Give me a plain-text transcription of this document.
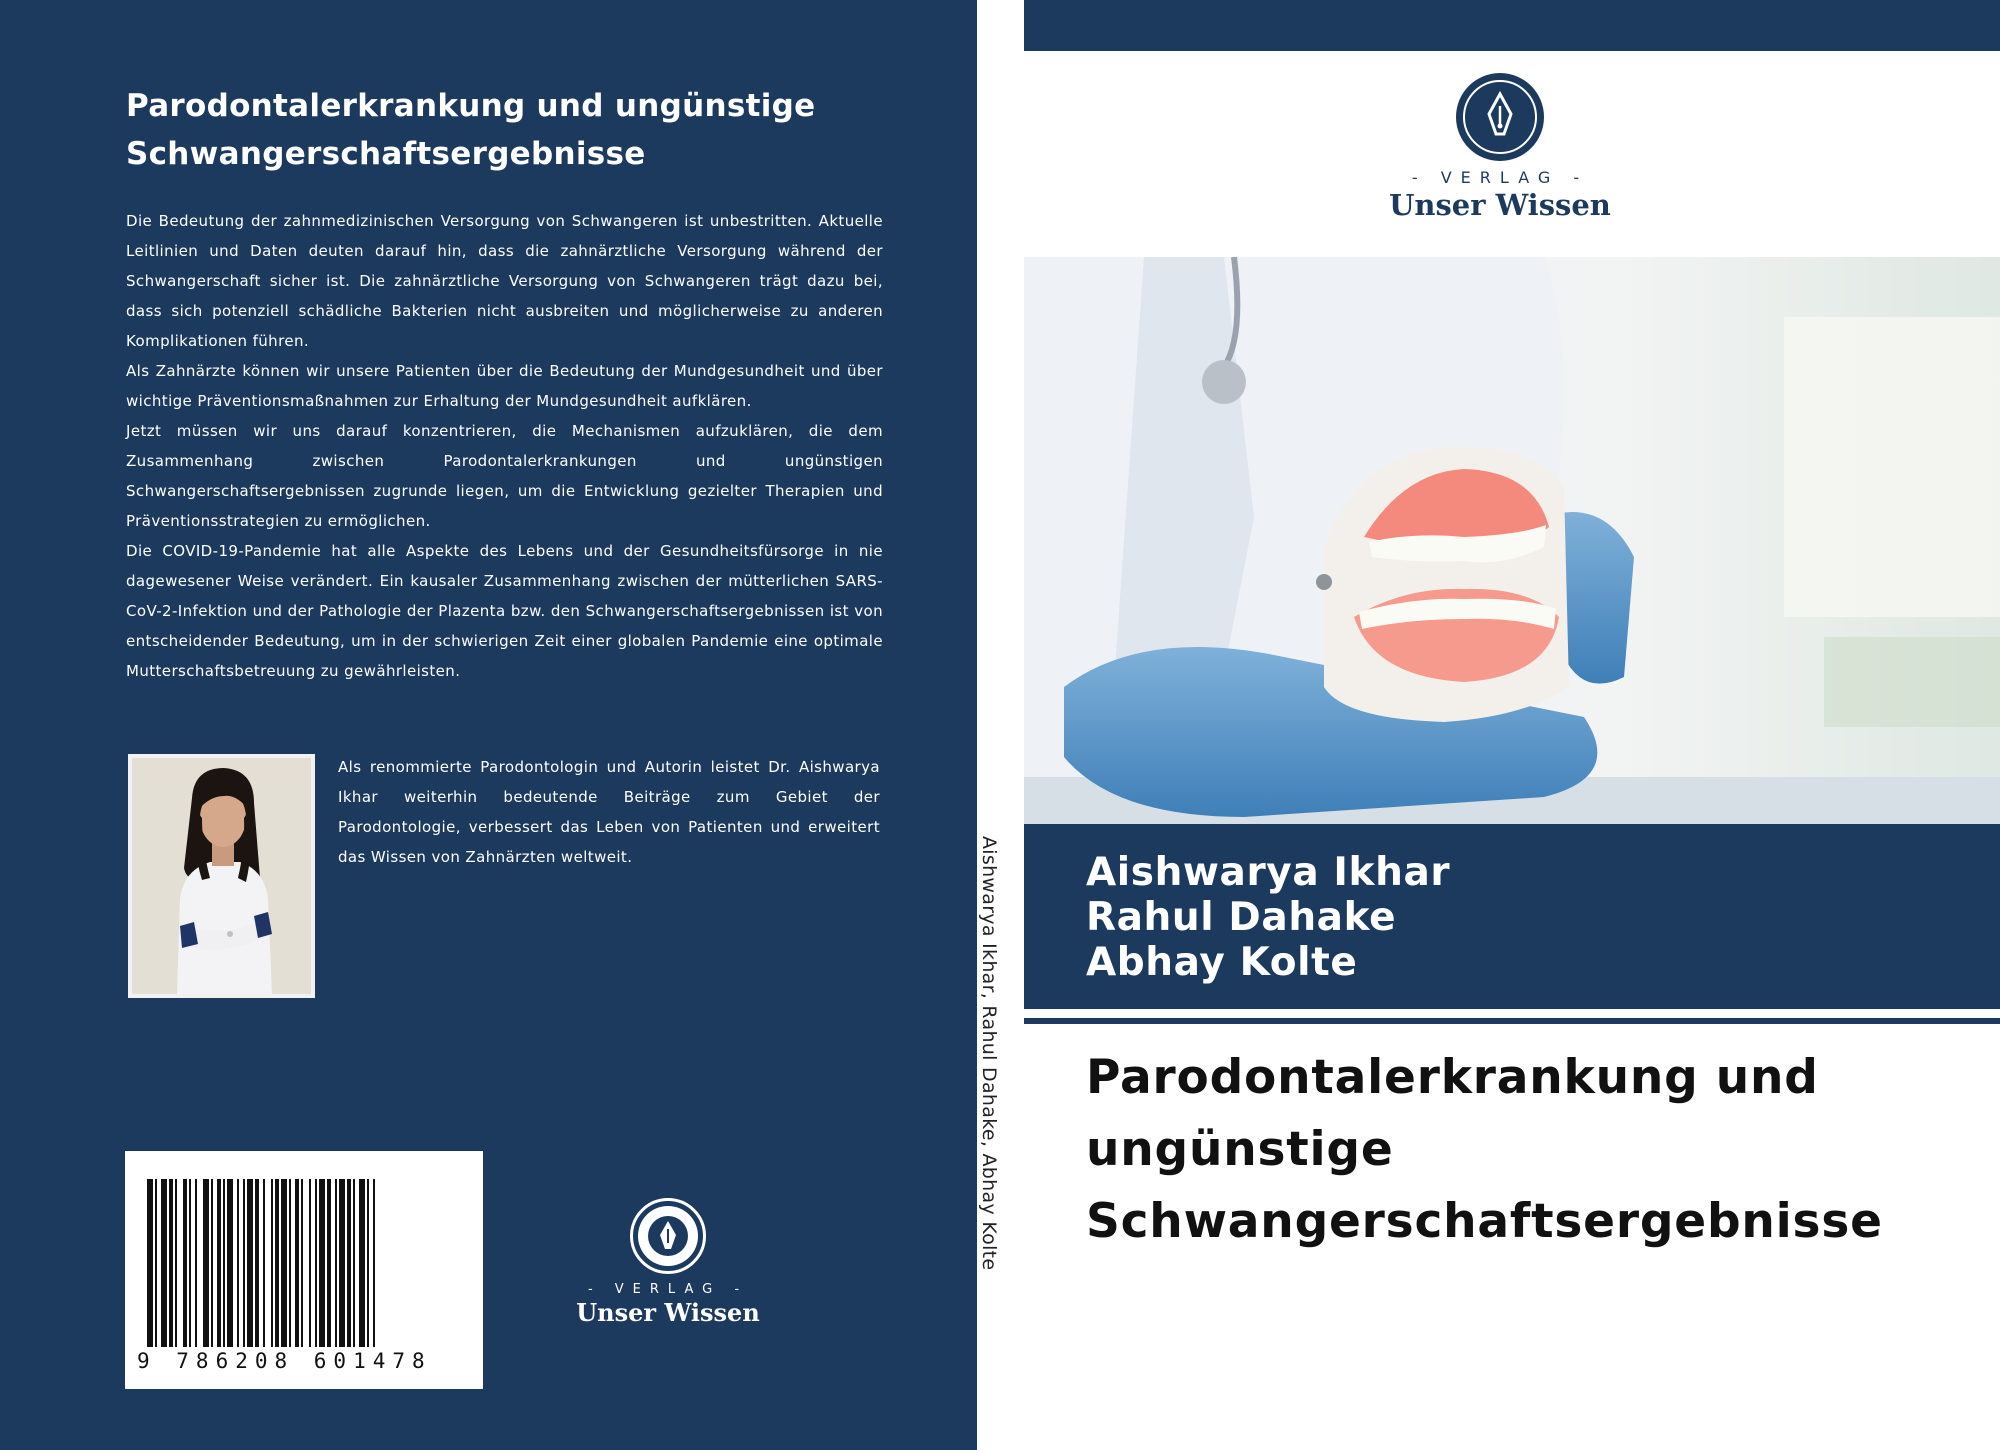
Parodontalerkrankung und ungünstige Schwangerschaftsergebnisse

Die Bedeutung der zahnmedizinischen Versorgung von Schwangeren ist unbestritten. Aktuelle Leitlinien und Daten deuten darauf hin, dass die zahnärztliche Versorgung während der Schwangerschaft sicher ist. Die zahnärztliche Versorgung von Schwangeren trägt dazu bei, dass sich potenziell schädliche Bakterien nicht ausbreiten und möglicherweise zu anderen Komplikationen führen.

Als Zahnärzte können wir unsere Patienten über die Bedeutung der Mundgesundheit und über wichtige Präventionsmaßnahmen zur Erhaltung der Mundgesundheit aufklären.

Jetzt müssen wir uns darauf konzentrieren, die Mechanismen aufzuklären, die dem Zusammenhang zwischen Parodontalerkrankungen und ungünstigen Schwangerschaftsergebnissen zugrunde liegen, um die Entwicklung gezielter Therapien und Präventionsstrategien zu ermöglichen.

Die COVID-19-Pandemie hat alle Aspekte des Lebens und der Gesundheitsfürsorge in nie dagewesener Weise verändert. Ein kausaler Zusammenhang zwischen der mütterlichen SARS-CoV-2-Infektion und der Pathologie der Plazenta bzw. den Schwangerschaftsergebnissen ist von entscheidender Bedeutung, um in der schwierigen Zeit einer globalen Pandemie eine optimale Mutterschaftsbetreuung zu gewährleisten.

Als renommierte Parodontologin und Autorin leistet Dr. Aishwarya Ikhar weiterhin bedeutende Beiträge zum Gebiet der Parodontologie, verbessert das Leben von Patienten und erweitert das Wissen von Zahnärzten weltweit.

9 786208 601478
- VERLAG -
Unser Wissen
Aishwarya Ikhar, Rahul Dahake, Abhay Kolte
- VERLAG -
Unser Wissen
Aishwarya Ikhar
Rahul Dahake
Abhay Kolte
Parodontalerkrankung und ungünstige Schwangerschaftsergebnisse
